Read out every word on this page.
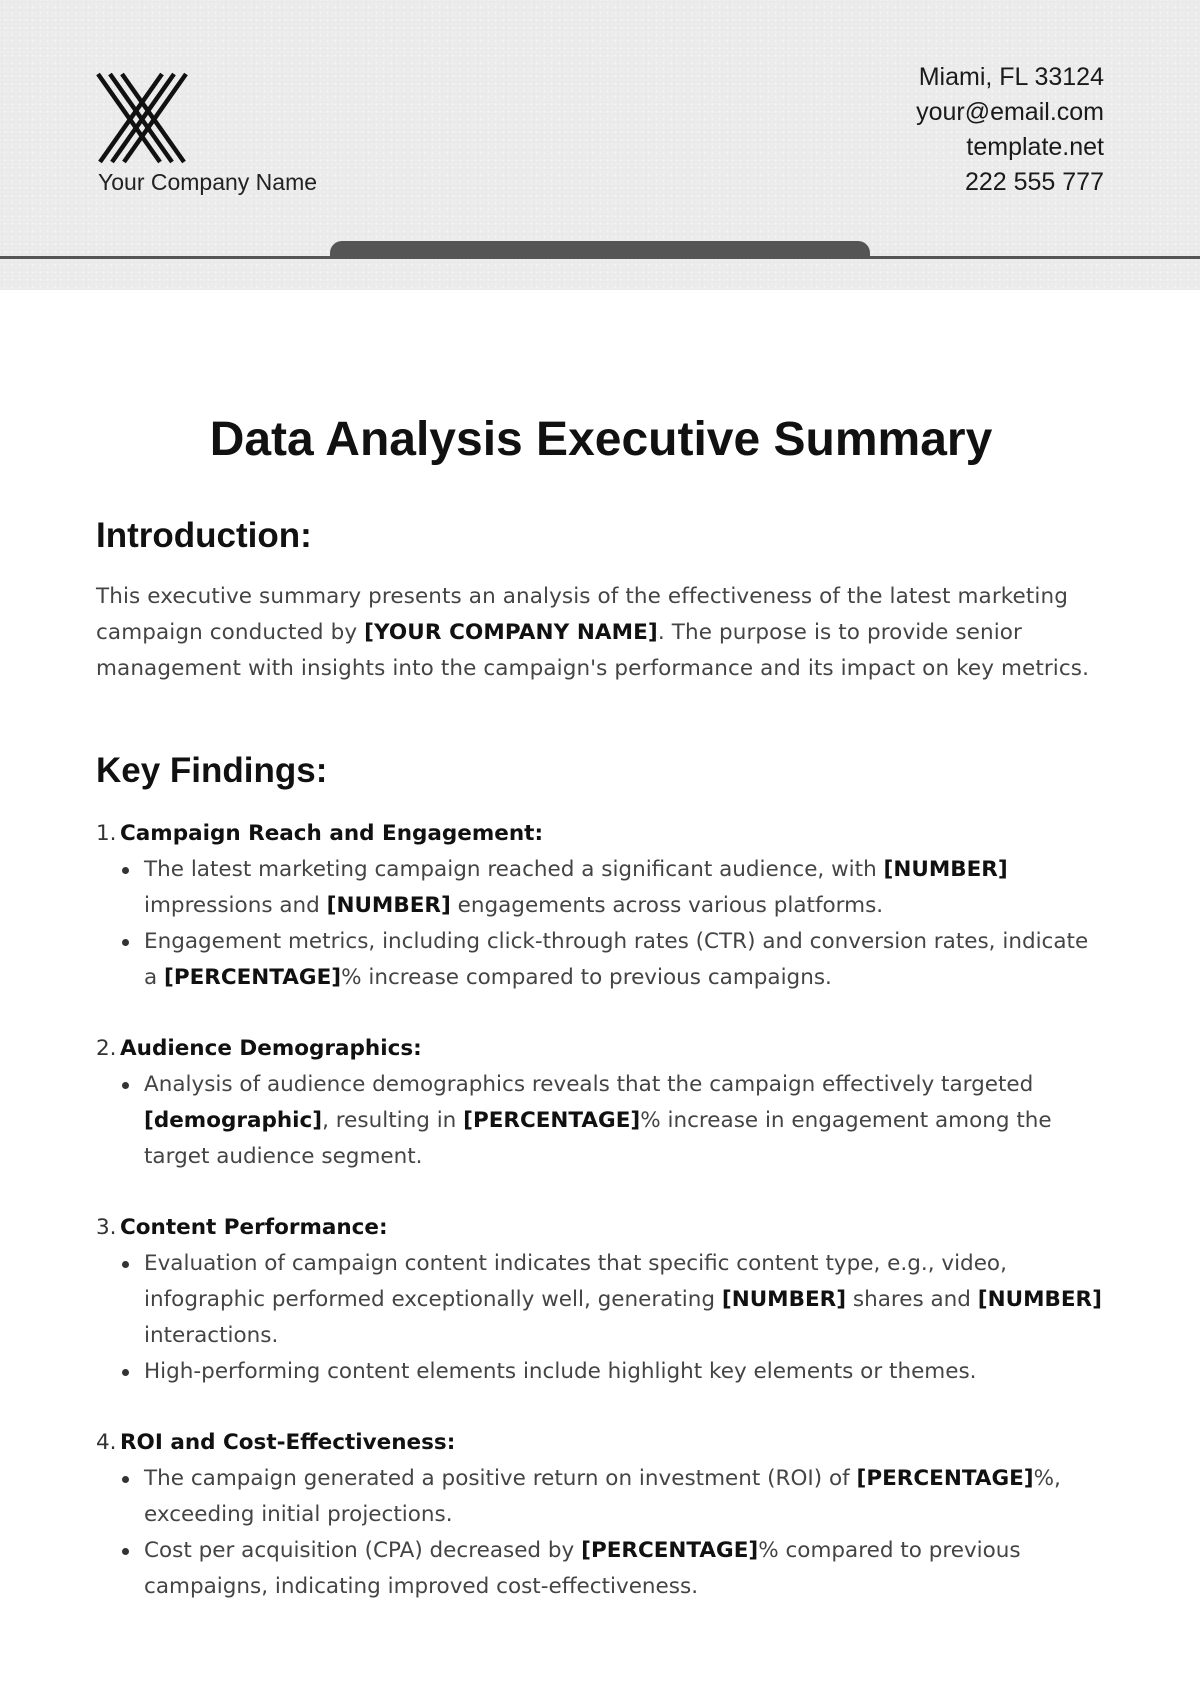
Your Company Name
Miami, FL 33124
your@email.com
template.net
222 555 777
Data Analysis Executive Summary
Introduction:

This executive summary presents an analysis of the effectiveness of the latest marketing campaign conducted by [YOUR COMPANY NAME]. The purpose is to provide senior management with insights into the campaign's performance and its impact on key metrics.

Key Findings:
1. Campaign Reach and Engagement:
The latest marketing campaign reached a significant audience, with [NUMBER] impressions and [NUMBER] engagements across various platforms.
Engagement metrics, including click-through rates (CTR) and conversion rates, indicate a [PERCENTAGE]% increase compared to previous campaigns.
2. Audience Demographics:
Analysis of audience demographics reveals that the campaign effectively targeted [demographic], resulting in [PERCENTAGE]% increase in engagement among the target audience segment.
3. Content Performance:
Evaluation of campaign content indicates that specific content type, e.g., video, infographic performed exceptionally well, generating [NUMBER] shares and [NUMBER] interactions.
High-performing content elements include highlight key elements or themes.
4. ROI and Cost-Effectiveness:
The campaign generated a positive return on investment (ROI) of [PERCENTAGE]%, exceeding initial projections.
Cost per acquisition (CPA) decreased by [PERCENTAGE]% compared to previous campaigns, indicating improved cost-effectiveness.
